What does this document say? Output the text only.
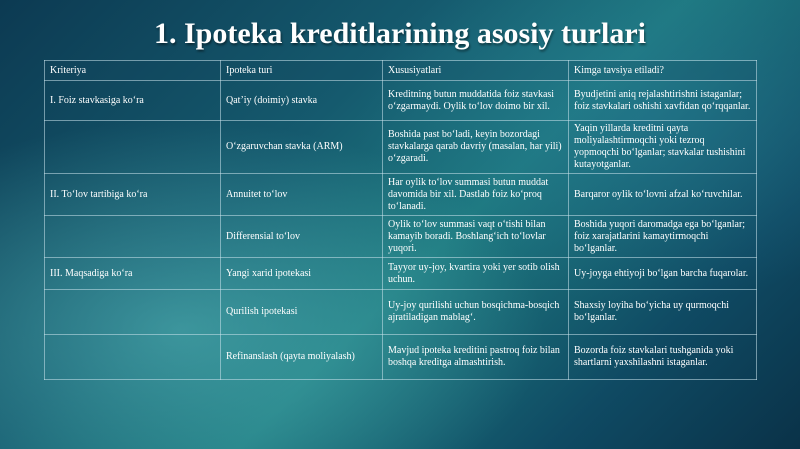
1. Ipoteka kreditlarining asosiy turlari
Kriteriya	Ipoteka turi	Xususiyatlari	Kimga tavsiya etiladi?
I. Foiz stavkasiga koʻra	Qatʼiy (doimiy) stavka	Kreditning butun muddatida foiz stavkasi oʻzgarmaydi. Oylik toʻlov doimo bir xil.	Byudjetini aniq rejalashtirishni istaganlar; foiz stavkalari oshishi xavfidan qoʻrqqanlar.
	Oʻzgaruvchan stavka (ARM)	Boshida past boʻladi, keyin bozordagi stavkalarga qarab davriy (masalan, har yili) oʻzgaradi.	Yaqin yillarda kreditni qayta moliyalashtirmoqchi yoki tezroq yopmoqchi boʻlganlar; stavkalar tushishini kutayotganlar.
II. Toʻlov tartibiga koʻra	Annuitet toʻlov	Har oylik toʻlov summasi butun muddat davomida bir xil. Dastlab foiz koʻproq toʻlanadi.	Barqaror oylik toʻlovni afzal koʻruvchilar.
	Differensial toʻlov	Oylik toʻlov summasi vaqt oʻtishi bilan kamayib boradi. Boshlangʻich toʻlovlar yuqori.	Boshida yuqori daromadga ega boʻlganlar; foiz xarajatlarini kamaytirmoqchi boʻlganlar.
III. Maqsadiga koʻra	Yangi xarid ipotekasi	Tayyor uy-joy, kvartira yoki yer sotib olish uchun.	Uy-joyga ehtiyoji boʻlgan barcha fuqarolar.
	Qurilish ipotekasi	Uy-joy qurilishi uchun bosqichma-bosqich ajratiladigan mablagʻ.	Shaxsiy loyiha boʻyicha uy qurmoqchi boʻlganlar.
	Refinanslash (qayta moliyalash)	Mavjud ipoteka kreditini pastroq foiz bilan boshqa kreditga almashtirish.	Bozorda foiz stavkalari tushganida yoki shartlarni yaxshilashni istaganlar.
